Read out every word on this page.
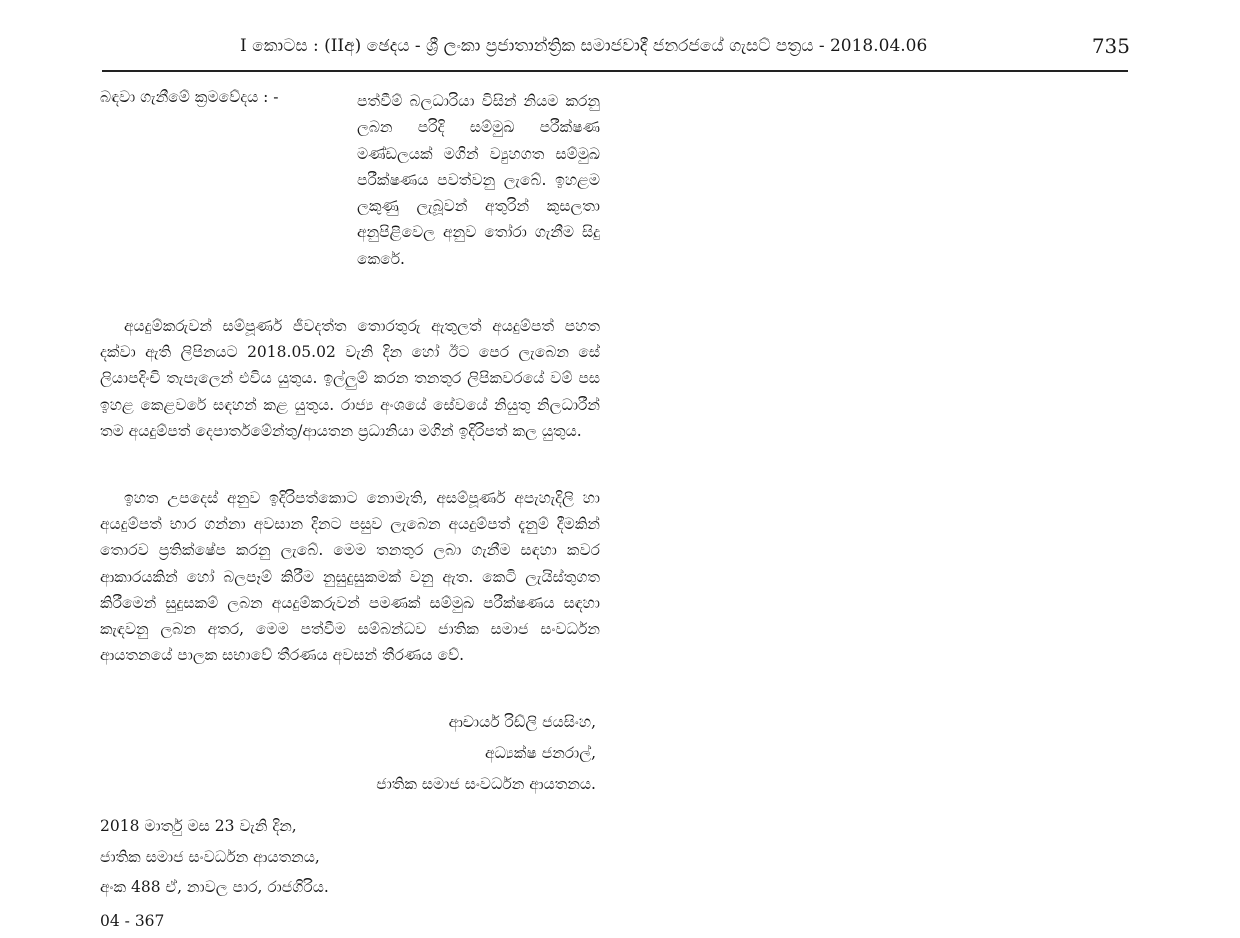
I කොටස : (IIඅ) ඡෙදය - ශ්‍රී ලංකා ප්‍රජාතාන්ත්‍රික සමාජවාදී ජනරජයේ ගැසට් පත්‍රය - 2018.04.06	735
බඳවා ගැනීමේ ක්‍රමවේදය : -	පත්වීම් බලධාරියා විසින් නියම කරනු ලබන පරිදි සම්මුඛ පරීක්ෂණ මණ්ඩලයක් මගින් ව්‍යුහගත සම්මුඛ පරීක්ෂණය පවත්වනු ලැබේ. ඉහළම ලකුණු ලැබූවන් අතුරින් කුසලතා අනුපිළිවෙල අනුව තෝරා ගැනීම සිදු කෙරේ.
අයදුම්කරුවන් සම්පූර්ණ ජීවදත්ත තොරතුරු ඇතුලත් අයදුම්පත් පහත දක්වා ඇති ලිපිනයට 2018.05.02 වැනි දින හෝ ඊට පෙර ලැබෙන සේ ලියාපදිංචි තැපැලෙන් එවිය යුතුය. ඉල්ලුම් කරන තනතුර ලිපිකවරයේ වම් පස ඉහළ කෙළවරේ සඳහන් කළ යුතුය. රාජ්‍ය අංශයේ සේවයේ නියුතු නිලධාරීන් තම අයදුම්පත් දෙපාර්තමේන්තු/ආයතන ප්‍රධානියා මගින් ඉදිරිපත් කල යුතුය.
ඉහත උපදෙස් අනුව ඉදිරිපත්කොට නොමැති, අසම්පූර්ණ අපැහැදිලි හා අයදුම්පත් භාර ගන්නා අවසාන දිනට පසුව ලැබෙන අයදුම්පත් දැනුම් දීමකින් තොරව ප්‍රතික්ෂේප කරනු ලැබේ. මෙම තනතුර ලබා ගැනීම සඳහා කවර ආකාරයකින් හෝ බලපෑම් කිරීම නුසුදුසුකමක් වනු ඇත. කෙටි ලැයිස්තුගත කිරීමෙන් සුදුසකම් ලබන අයදුම්කරුවන් පමණක් සම්මුඛ පරීක්ෂණය සඳහා කැඳවනු ලබන අතර, මෙම පත්වීම සම්බන්ධව ජාතික සමාජ සංවර්ධන ආයතනයේ පාලක සභාවේ තීරණය අවසන් තීරණය වේ.
ආචාර්ය රිඩ්ලි ජයසිංහ,
අධ්‍යක්ෂ ජනරාල්,
ජාතික සමාජ සංවර්ධන ආයතනය.
2018 මාර්තු මස 23 වැනි දින,
ජාතික සමාජ සංවර්ධන ආයතනය,
අංක 488 ඒ, නාවල පාර, රාජගිරිය.
04 - 367
